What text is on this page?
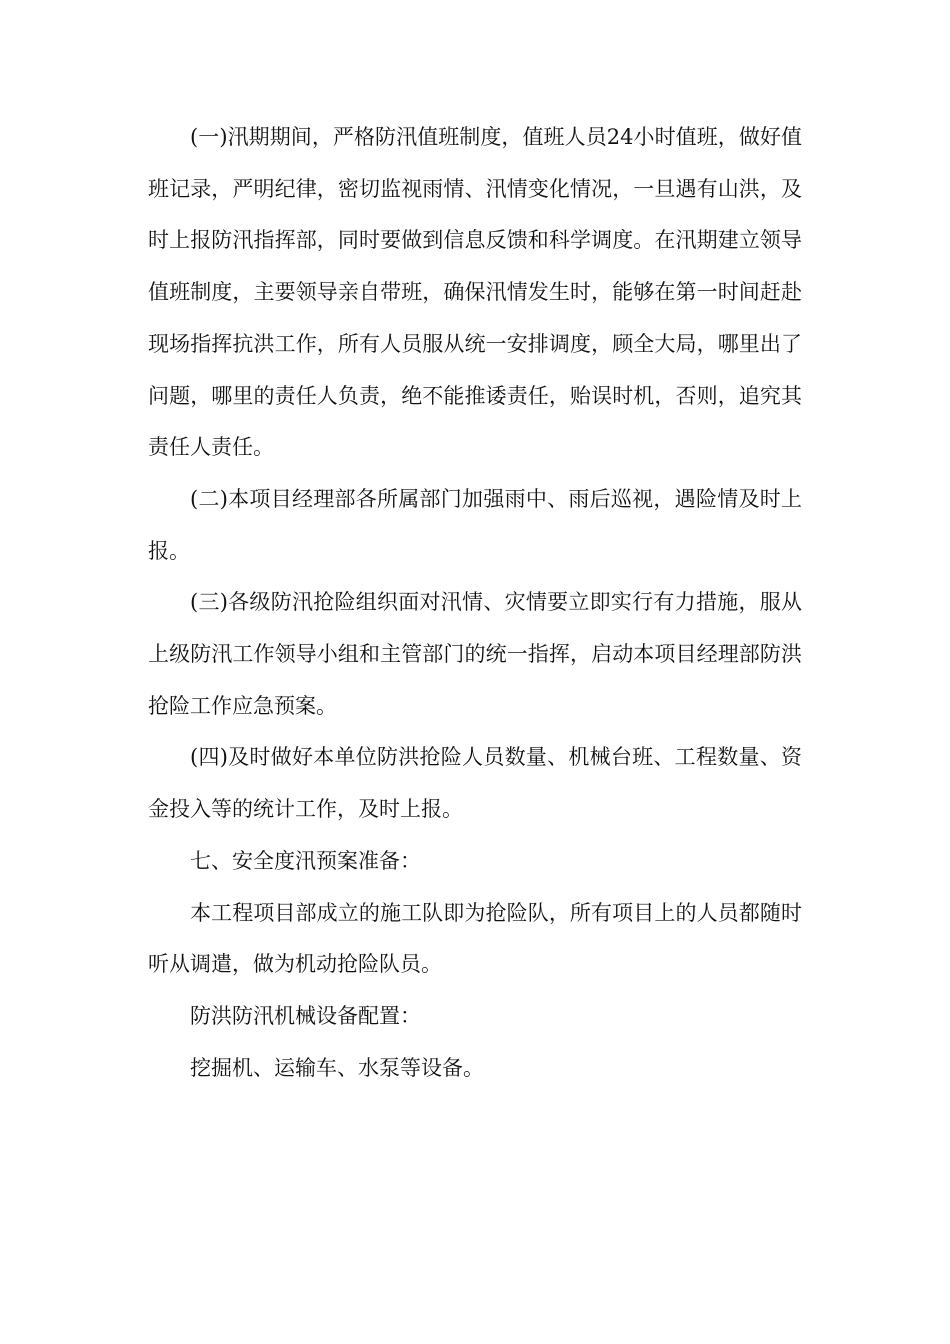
(一)汛期期间，严格防汛值班制度，值班人员24小时值班，做好值班记录，严明纪律，密切监视雨情、汛情变化情况，一旦遇有山洪，及时上报防汛指挥部，同时要做到信息反馈和科学调度。在汛期建立领导值班制度，主要领导亲自带班，确保汛情发生时，能够在第一时间赶赴现场指挥抗洪工作，所有人员服从统一安排调度，顾全大局，哪里出了问题，哪里的责任人负责，绝不能推诿责任，贻误时机，否则，追究其责任人责任。

(二)本项目经理部各所属部门加强雨中、雨后巡视，遇险情及时上报。

(三)各级防汛抢险组织面对汛情、灾情要立即实行有力措施，服从上级防汛工作领导小组和主管部门的统一指挥，启动本项目经理部防洪抢险工作应急预案。

(四)及时做好本单位防洪抢险人员数量、机械台班、工程数量、资金投入等的统计工作，及时上报。

七、安全度汛预案准备：

本工程项目部成立的施工队即为抢险队，所有项目上的人员都随时听从调遣，做为机动抢险队员。

防洪防汛机械设备配置：

挖掘机、运输车、水泵等设备。
